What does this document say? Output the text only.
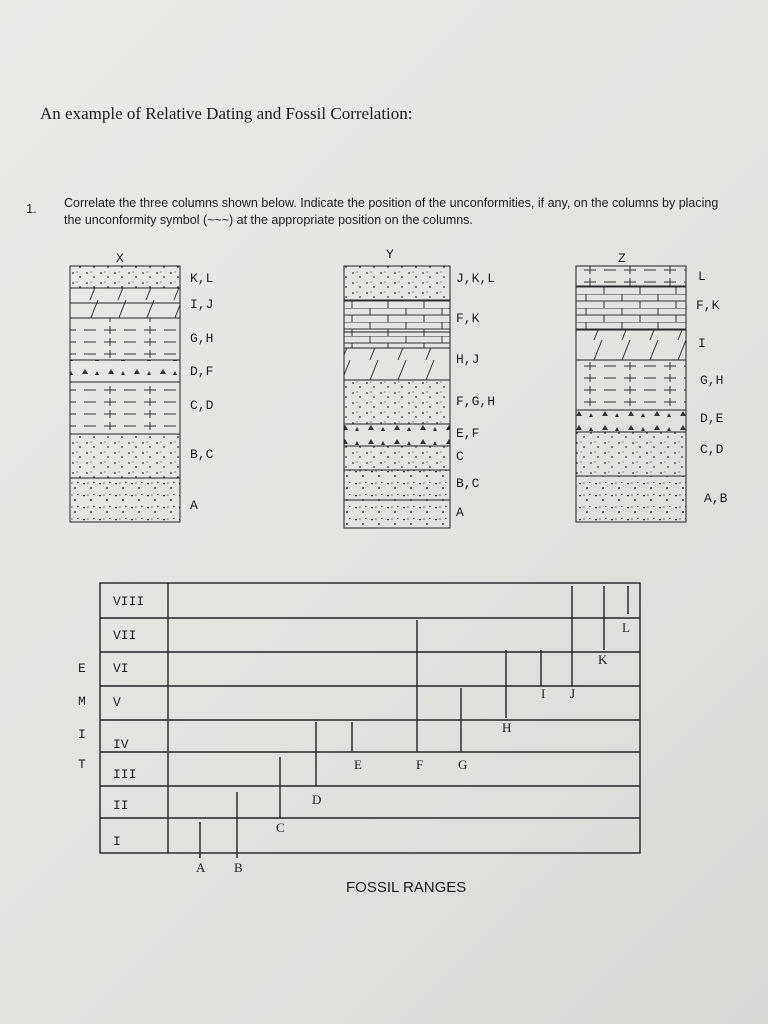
An example of Relative Dating and Fossil Correlation:
1. Correlate the three columns shown below. Indicate the position of the unconformities, if any, on the columns by placing the unconformity symbol (~~~) at the appropriate position on the columns.
X	Y	Z
K,L
I,J
G,H
D,F
C,D
B,C
A
J,K,L
F,K
H,J
F,G,H
E,F
C
B,C
A
L
F,K
I
G,H
D,E
C,D
A,B
T
I
M
E
VIII
VII
VI
V
IV
III
II
I
A B
C
D
E	F	G
H
I J
K
L
FOSSIL RANGES
